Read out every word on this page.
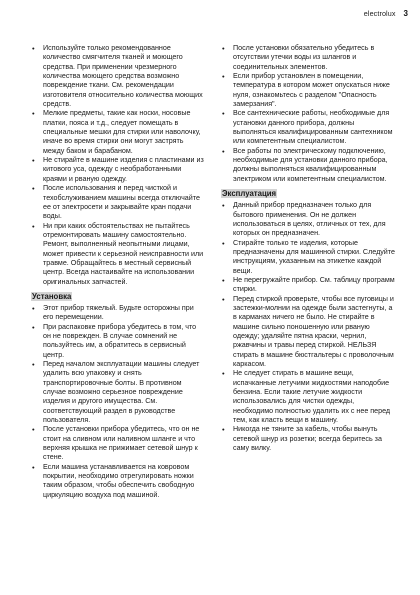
electrolux 3
• Используйте только рекомендованное количество смягчителя тканей и моющего средства. При применении чрезмерного количества моющего средства возможно повреждение ткани. См. рекомендации изготовителя относительно количества моющих средств.
• Мелкие предметы, такие как носки, носовые платки, пояса и т.д., следует помещать в специальные мешки для стирки или наволочку, иначе во время стирки они могут застрять между баком и барабаном.
• Не стирайте в машине изделия с пластинами из китового уса, одежду с необработанными краями и рваную одежду.
• После использования и перед чисткой и техобслуживанием машины всегда отключайте ее от электросети и закрывайте кран подачи воды.
• Ни при каких обстоятельствах не пытайтесь отремонтировать машину самостоятельно. Ремонт, выполненный неопытными лицами, может привести к серьезной неисправности или травме. Обращайтесь в местный сервисный центр. Всегда настаивайте на использовании оригинальных запчастей.
Установка
• Этот прибор тяжелый. Будьте осторожны при его перемещении.
• При распаковке прибора убедитесь в том, что он не поврежден. В случае сомнений не пользуйтесь им, а обратитесь в сервисный центр.
• Перед началом эксплуатации машины следует удалить всю упаковку и снять транспортировочные болты. В противном случае возможно серьезное повреждение изделия и другого имущества. См. соответствующий раздел в руководстве пользователя.
• После установки прибора убедитесь, что он не стоит на сливном или наливном шланге и что верхняя крышка не прижимает сетевой шнур к стене.
• Если машина устанавливается на ковровом покрытии, необходимо отрегулировать ножки таким образом, чтобы обеспечить свободную циркуляцию воздуха под машиной.
• После установки обязательно убедитесь в отсутствии утечки воды из шлангов и соединительных элементов.
• Если прибор установлен в помещении, температура в котором может опускаться ниже нуля, ознакомьтесь с разделом "Опасность замерзания".
• Все сантехнические работы, необходимые для установки данного прибора, должны выполняться квалифицированным сантехником или компетентным специалистом.
• Все работы по электрическому подключению, необходимые для установки данного прибора, должны выполняться квалифицированным электриком или компетентным специалистом.
Эксплуатация
• Данный прибор предназначен только для бытового применения. Он не должен использоваться в целях, отличных от тех, для которых он предназначен.
• Стирайте только те изделия, которые предназначены для машинной стирки. Следуйте инструкциям, указанным на этикетке каждой вещи.
• Не перегружайте прибор. См. таблицу программ стирки.
• Перед стиркой проверьте, чтобы все пуговицы и застежки-молнии на одежде были застегнуты, а в карманах ничего не было. Не стирайте в машине сильно поношенную или рваную одежду; удаляйте пятна краски, чернил, ржавчины и травы перед стиркой. НЕЛЬЗЯ стирать в машине бюстгальтеры с проволочным каркасом.
• Не следует стирать в машине вещи, испачканные летучими жидкостями наподобие бензина. Если такие летучие жидкости использовались для чистки одежды, необходимо полностью удалить их с нее перед тем, как класть вещи в машину.
• Никогда не тяните за кабель, чтобы вынуть сетевой шнур из розетки; всегда беритесь за саму вилку.
